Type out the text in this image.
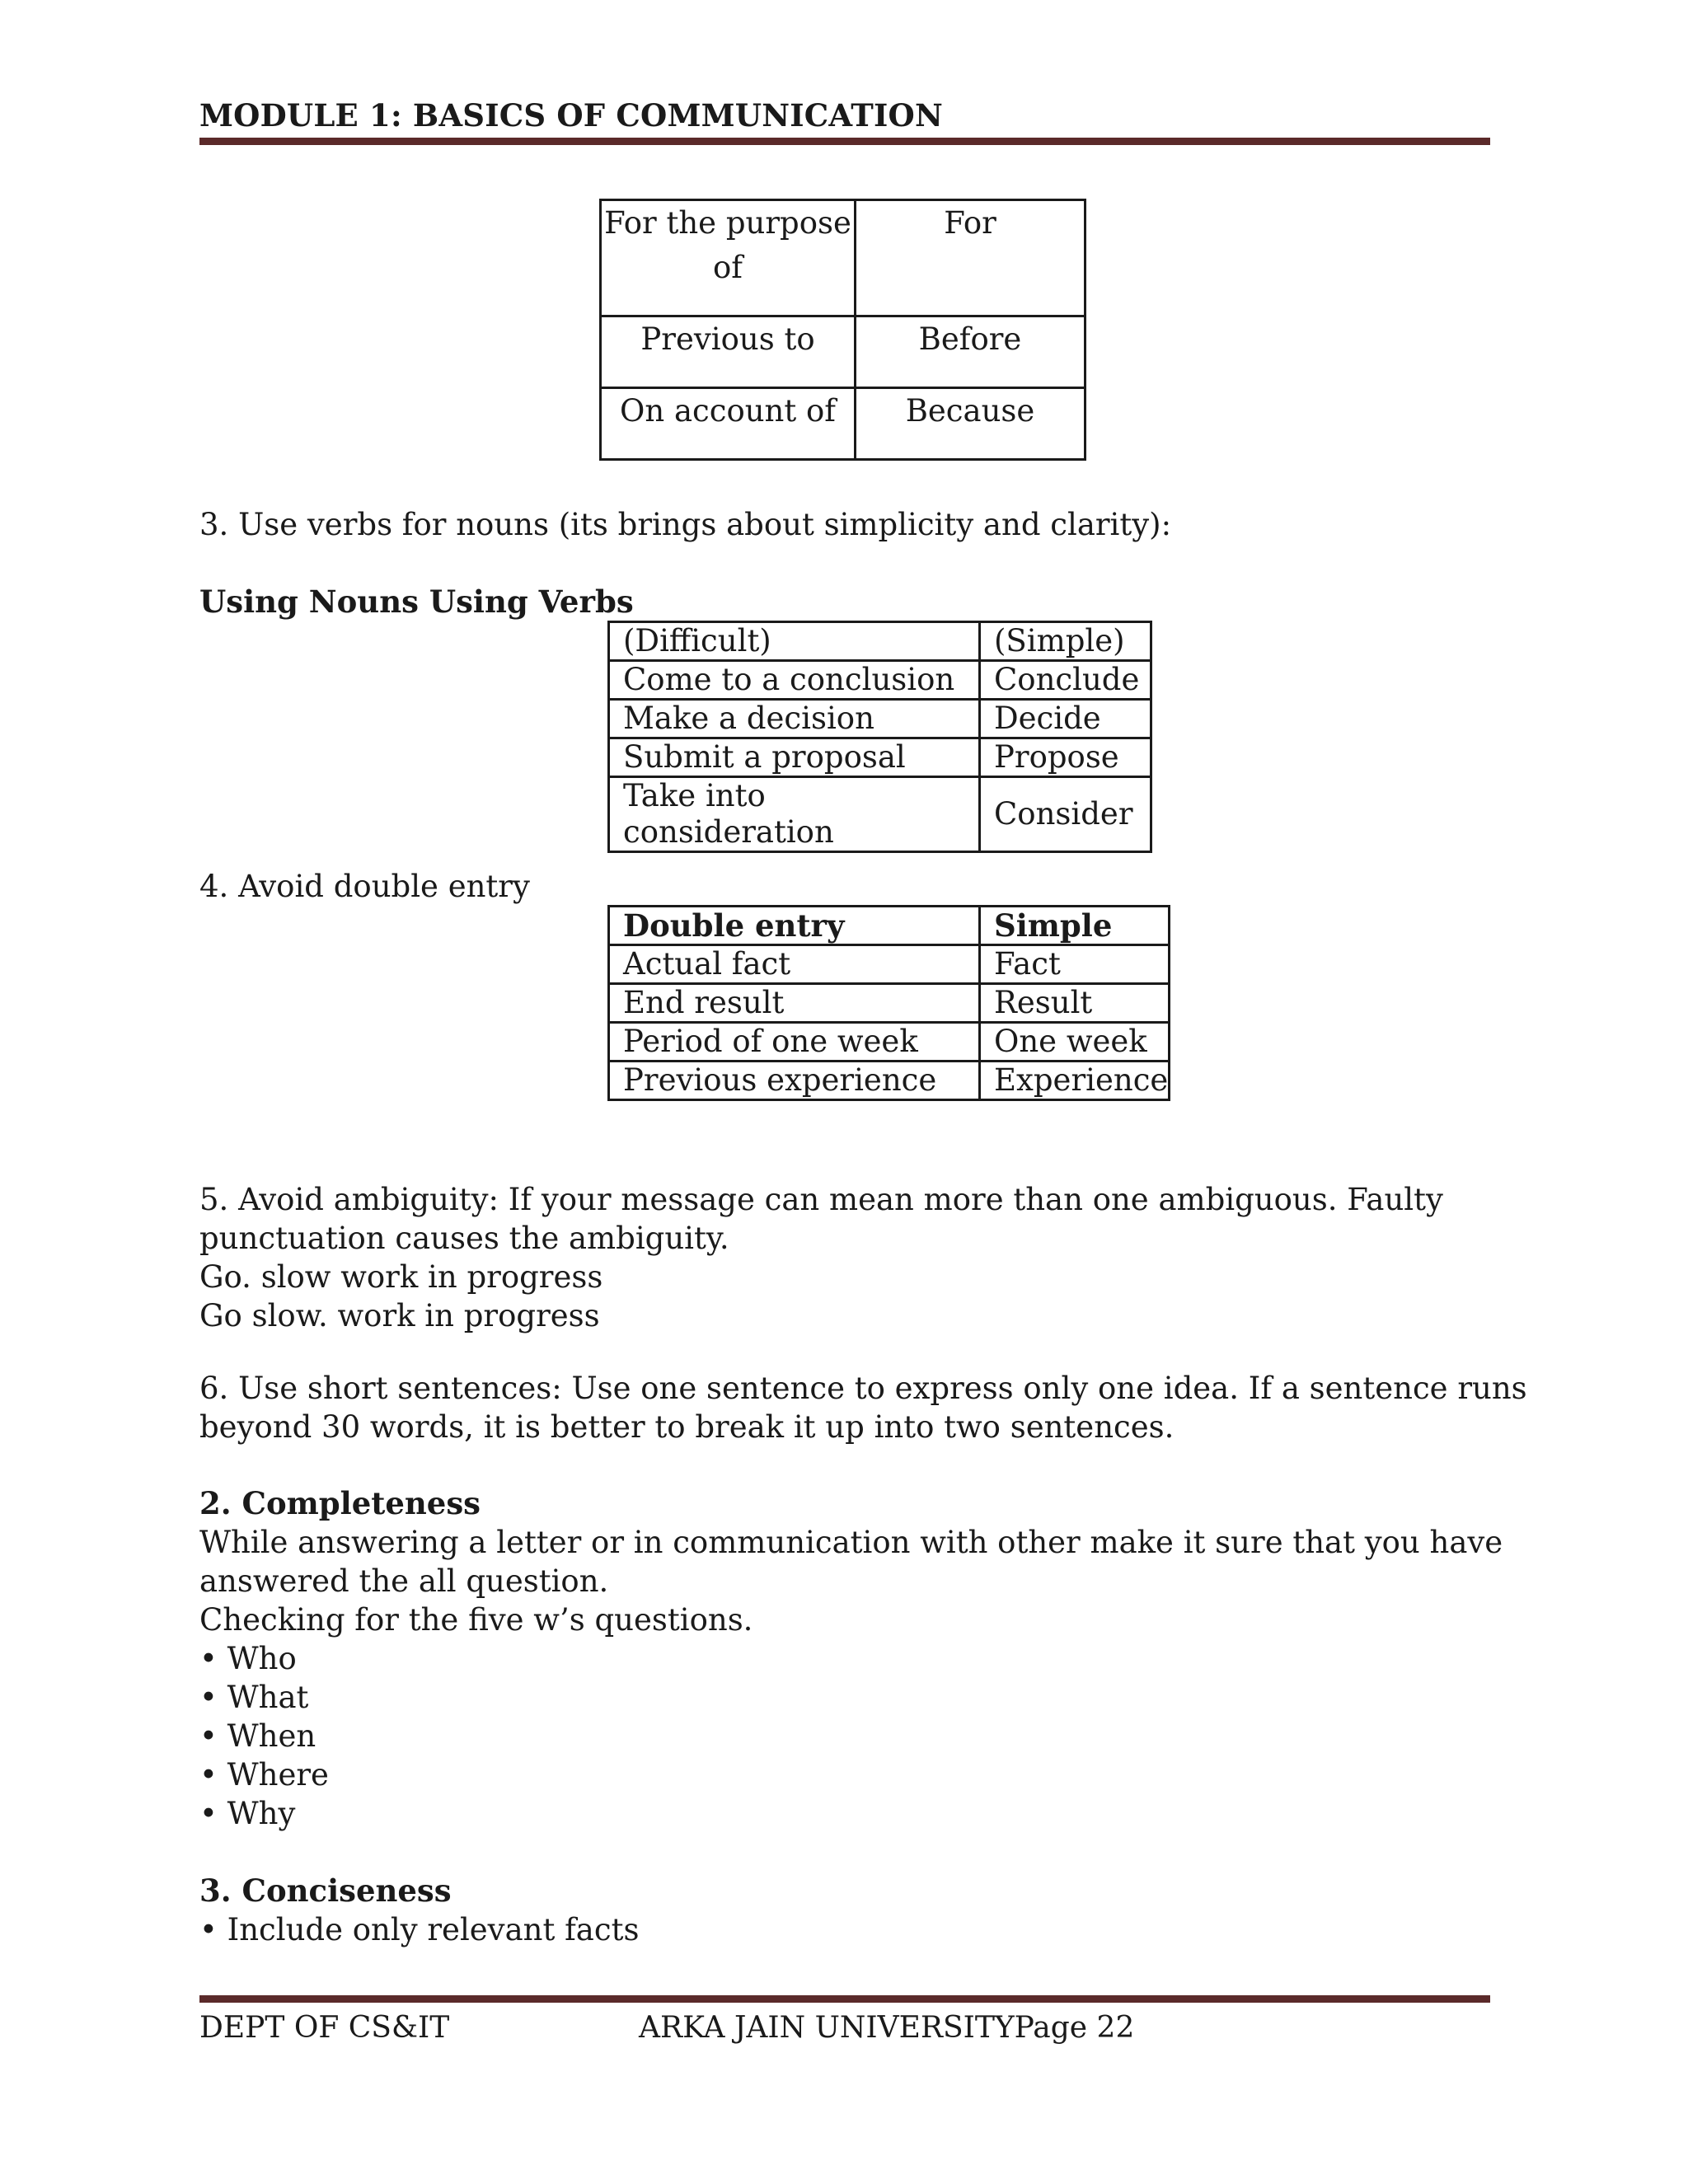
MODULE 1: BASICS OF COMMUNICATION
For the purpose of	For
Previous to	Before
On account of	Because
3. Use verbs for nouns (its brings about simplicity and clarity):
Using Nouns Using Verbs
(Difficult)	(Simple)
Come to a conclusion	Conclude
Make a decision	Decide
Submit a proposal	Propose
Take into consideration	Consider
4. Avoid double entry
Double entry	Simple
Actual fact	Fact
End result	Result
Period of one week	One week
Previous experience	Experience
5. Avoid ambiguity: If your message can mean more than one ambiguous. Faulty
punctuation causes the ambiguity.
Go. slow work in progress
Go slow. work in progress
6. Use short sentences: Use one sentence to express only one idea. If a sentence runs
beyond 30 words, it is better to break it up into two sentences.
2. Completeness
While answering a letter or in communication with other make it sure that you have
answered the all question.
Checking for the five w’s questions.
• Who
• What
• When
• Where
• Why
3. Conciseness
• Include only relevant facts
DEPT OF CS&IT	ARKA JAIN UNIVERSITYPage 22
